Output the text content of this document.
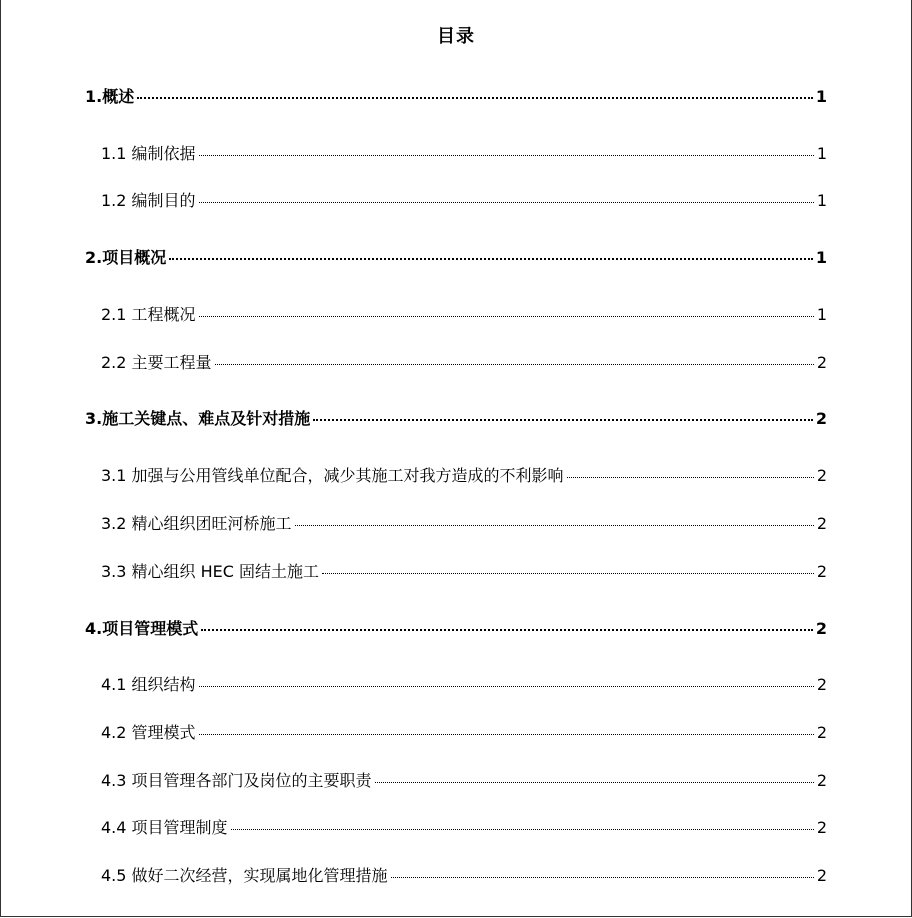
目录
1.概述	1
1.1 编制依据	1
1.2 编制目的	1
2.项目概况	1
2.1 工程概况	1
2.2 主要工程量	2
3.施工关键点、难点及针对措施	2
3.1 加强与公用管线单位配合，减少其施工对我方造成的不利影响	2
3.2 精心组织团旺河桥施工	2
3.3 精心组织 HEC 固结土施工	2
4.项目管理模式	2
4.1 组织结构	2
4.2 管理模式	2
4.3 项目管理各部门及岗位的主要职责	2
4.4 项目管理制度	2
4.5 做好二次经营，实现属地化管理措施	2
